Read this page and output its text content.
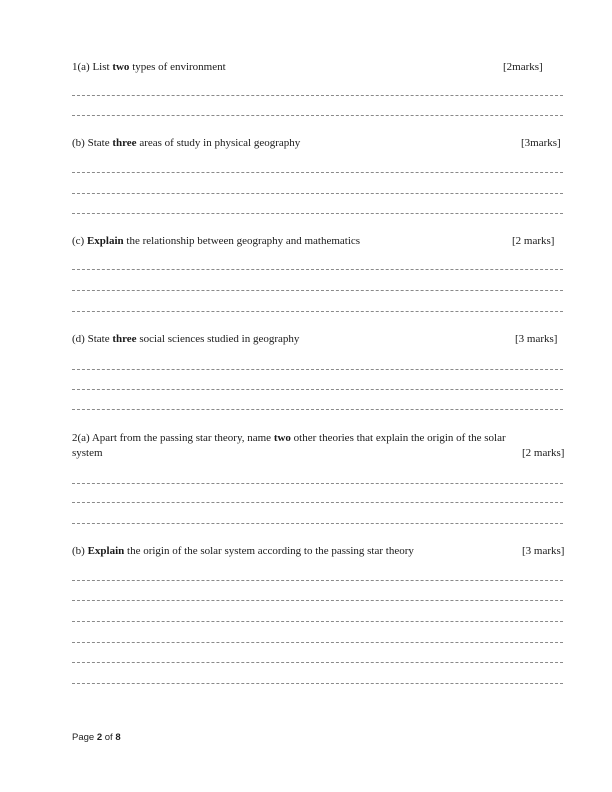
1(a) List two types of environment	[2marks]
(b) State three areas of study in physical geography	[3marks]
(c) Explain the relationship between geography and mathematics	[2 marks]
(d) State three social sciences studied in geography	[3 marks]
2(a) Apart from the passing star theory, name two other theories that explain the origin of the solar
system	[2 marks]
(b) Explain the origin of the solar system according to the passing star theory	[3 marks]
Page 2 of 8
